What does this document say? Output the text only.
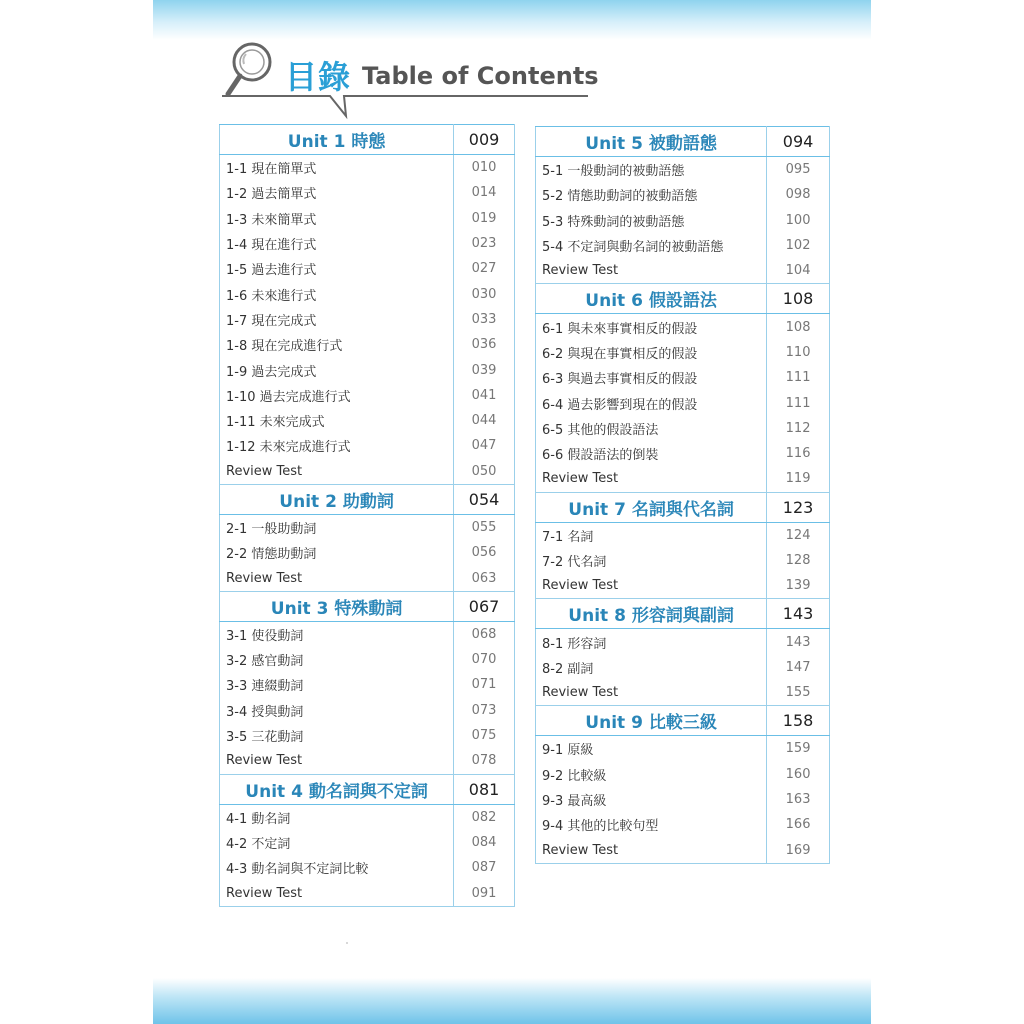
目錄 Table of Contents
Unit 1 時態	009
1-1 現在簡單式	010
1-2 過去簡單式	014
1-3 未來簡單式	019
1-4 現在進行式	023
1-5 過去進行式	027
1-6 未來進行式	030
1-7 現在完成式	033
1-8 現在完成進行式	036
1-9 過去完成式	039
1-10 過去完成進行式	041
1-11 未來完成式	044
1-12 未來完成進行式	047
Review Test	050
Unit 2 助動詞	054
2-1 一般助動詞	055
2-2 情態助動詞	056
Review Test	063
Unit 3 特殊動詞	067
3-1 使役動詞	068
3-2 感官動詞	070
3-3 連綴動詞	071
3-4 授與動詞	073
3-5 三花動詞	075
Review Test	078
Unit 4 動名詞與不定詞	081
4-1 動名詞	082
4-2 不定詞	084
4-3 動名詞與不定詞比較	087
Review Test	091
Unit 5 被動語態	094
5-1 一般動詞的被動語態	095
5-2 情態助動詞的被動語態	098
5-3 特殊動詞的被動語態	100
5-4 不定詞與動名詞的被動語態	102
Review Test	104
Unit 6 假設語法	108
6-1 與未來事實相反的假設	108
6-2 與現在事實相反的假設	110
6-3 與過去事實相反的假設	111
6-4 過去影響到現在的假設	111
6-5 其他的假設語法	112
6-6 假設語法的倒裝	116
Review Test	119
Unit 7 名詞與代名詞	123
7-1 名詞	124
7-2 代名詞	128
Review Test	139
Unit 8 形容詞與副詞	143
8-1 形容詞	143
8-2 副詞	147
Review Test	155
Unit 9 比較三級	158
9-1 原級	159
9-2 比較級	160
9-3 最高級	163
9-4 其他的比較句型	166
Review Test	169
